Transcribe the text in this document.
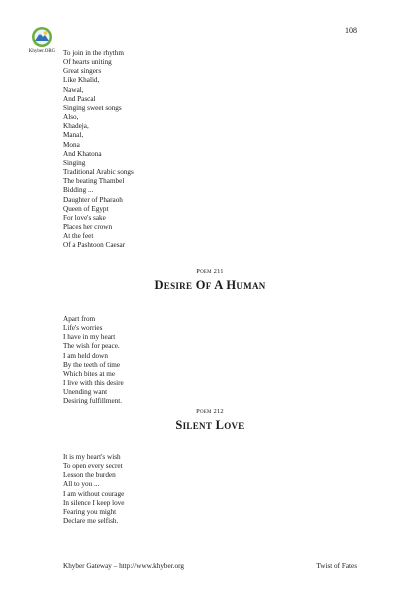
108
Khyber.ORG	To join in the rhythm
Of hearts uniting
Great singers
Like Khalid,
Nawal,
And Pascal
Singing sweet songs
Also,
Khadeja,
Manal,
Mona
And Khatona
Singing
Traditional Arabic songs
The beating Thambel
Bidding ...
Daughter of Pharaoh
Queen of Egypt
For love's sake
Places her crown
At the feet
Of a Pashtoon Caesar
Poem 211
Desire Of A Human
Apart from
Life's worries
I have in my heart
The wish for peace.
I am held down
By the teeth of time
Which bites at me
I live with this desire
Unending want
Desiring fulfillment.
Poem 212
Silent Love
It is my heart's wish
To open every secret
Lesson the burden
All to you ...
I am without courage
In silence I keep love
Fearing you might
Declare me selfish.
Khyber Gateway – http://www.khyber.org	Twist of Fates
